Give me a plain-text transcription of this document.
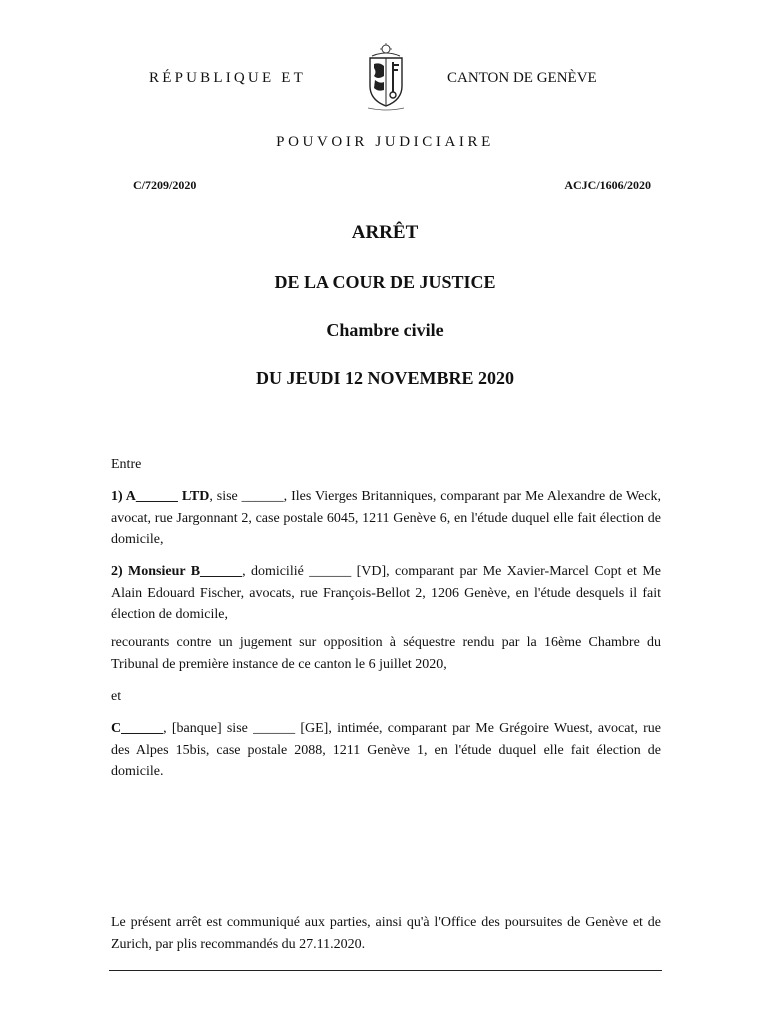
RÉPUBLIQUE ET	CANTON DE GENÈVE
POUVOIR JUDICIAIRE
C/7209/2020	ACJC/1606/2020
ARRÊT
DE LA COUR DE JUSTICE
Chambre civile
DU JEUDI 12 NOVEMBRE 2020

Entre

1) A______ LTD, sise ______, Iles Vierges Britanniques, comparant par Me Alexandre de Weck, avocat, rue Jargonnant 2, case postale 6045, 1211 Genève 6, en l'étude duquel elle fait élection de domicile,

2) Monsieur B______, domicilié ______ [VD], comparant par Me Xavier-Marcel Copt et Me Alain Edouard Fischer, avocats, rue François-Bellot 2, 1206 Genève, en l'étude desquels il fait élection de domicile,

recourants contre un jugement sur opposition à séquestre rendu par la 16ème Chambre du Tribunal de première instance de ce canton le 6 juillet 2020,

et

C______, [banque] sise ______ [GE], intimée, comparant par Me Grégoire Wuest, avocat, rue des Alpes 15bis, case postale 2088, 1211 Genève 1, en l'étude duquel elle fait élection de domicile.

Le présent arrêt est communiqué aux parties, ainsi qu'à l'Office des poursuites de Genève et de Zurich, par plis recommandés du 27.11.2020.
